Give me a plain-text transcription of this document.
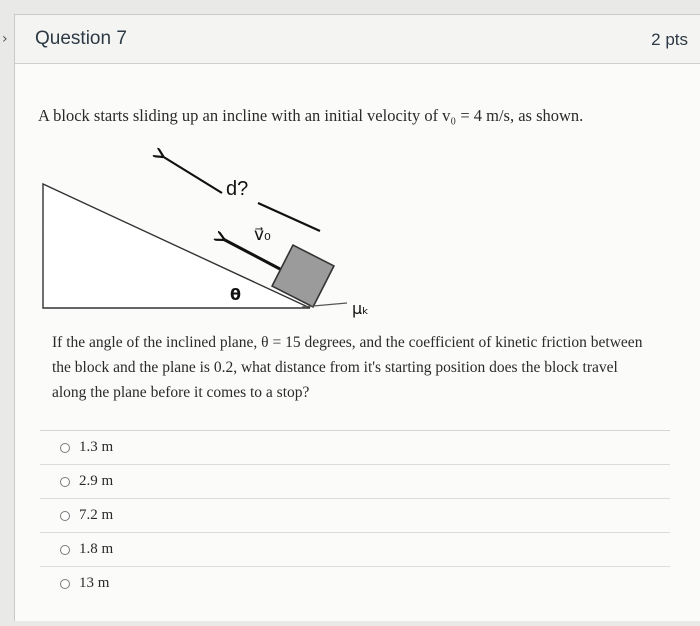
› Question 7	2 pts
A block starts sliding up an incline with an initial velocity of v₀ = 4 m/s, as shown.
d?
v⃗₀
θ
μₖ
If the angle of the inclined plane, θ = 15 degrees, and the coefficient of kinetic friction between the block and the plane is 0.2, what distance from it's starting position does the block travel along the plane before it comes to a stop?
1.3 m
2.9 m
7.2 m
1.8 m
13 m
